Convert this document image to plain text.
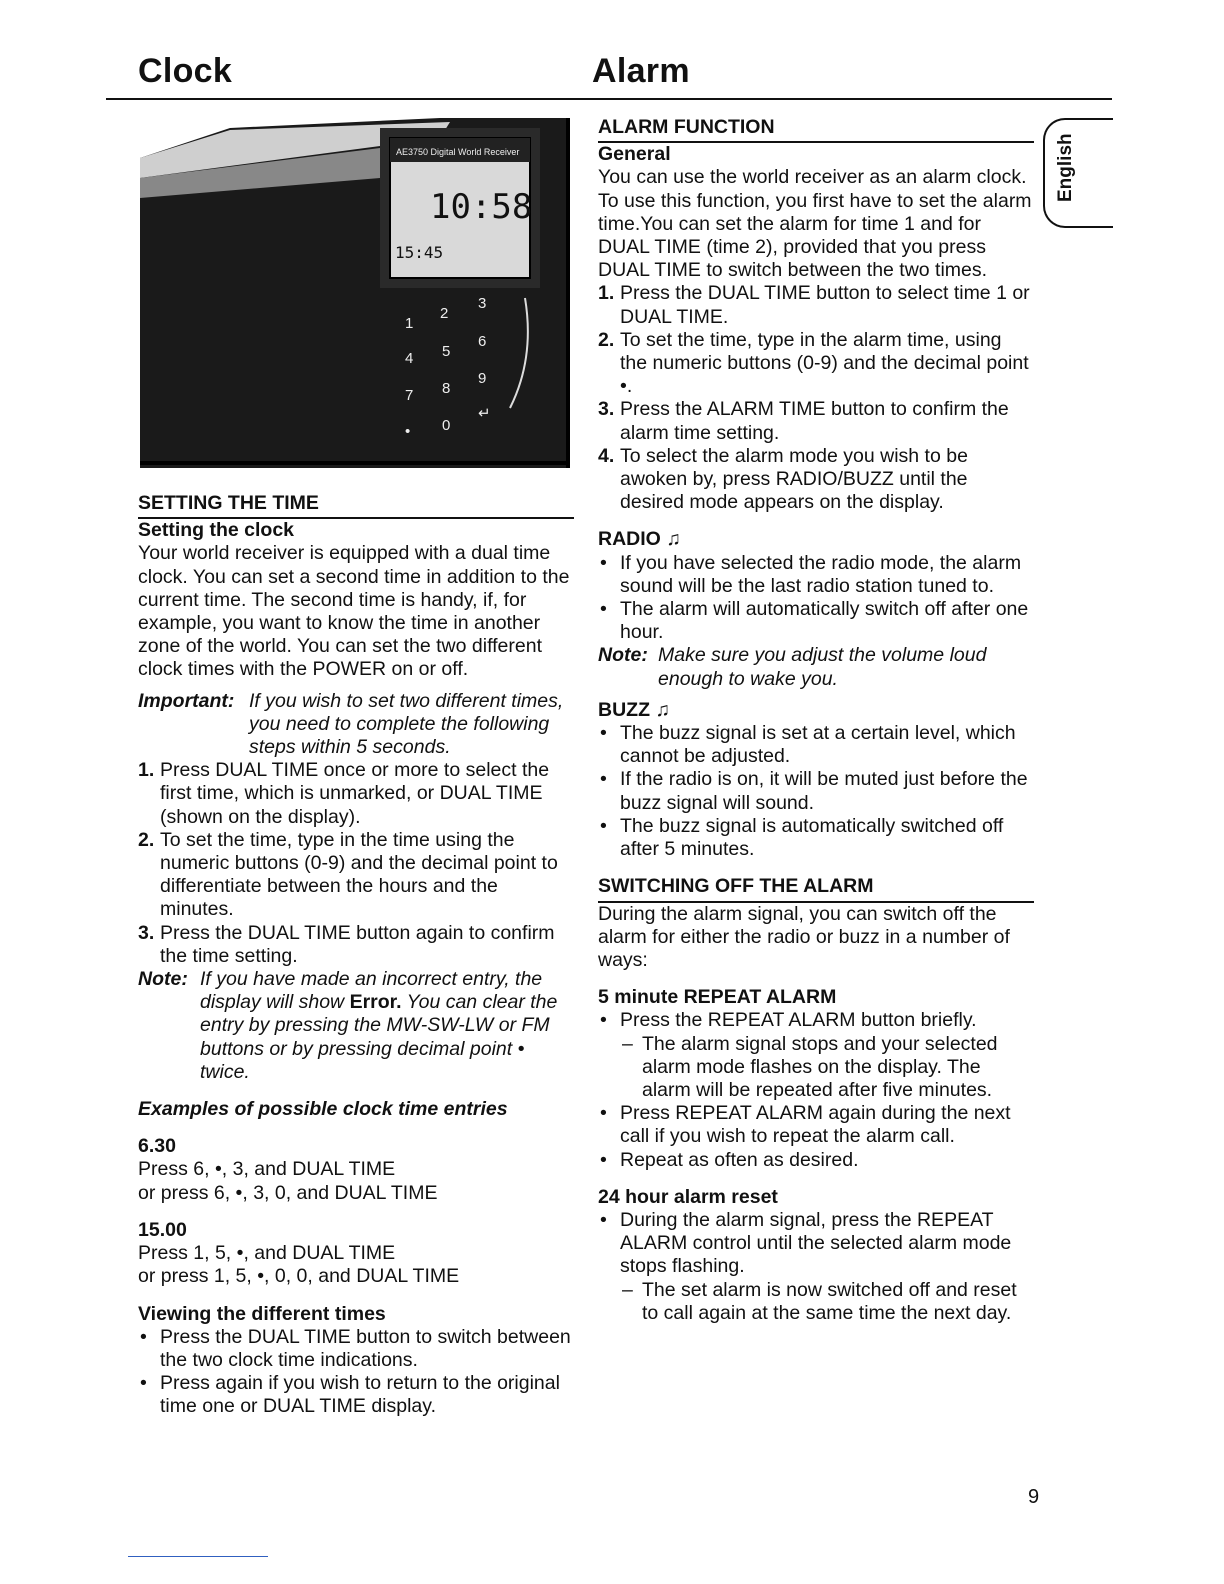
Clock	Alarm
English
AE3750 Digital World Receiver
10:58
15:45
1
2
3
4 5
6
7 8
9
• 0
↵

SETTING THE TIME

Setting the clock

Your world receiver is equipped with a dual time clock. You can set a second time in addition to the current time. The second time is handy, if, for example, you want to know the time in another zone of the world. You can set the two different clock times with the POWER on or off.

Important: If you wish to set two different times, you need to complete the following steps within 5 seconds.

1. Press DUAL TIME once or more to select the first time, which is unmarked, or DUAL TIME (shown on the display).
2. To set the time, type in the time using the numeric buttons (0-9) and the decimal point to differentiate between the hours and the minutes.
3. Press the DUAL TIME button again to confirm the time setting.

Note: If you have made an incorrect entry, the display will show Error. You can clear the entry by pressing the MW-SW-LW or FM buttons or by pressing decimal point • twice.

Examples of possible clock time entries

6.30

Press 6, •, 3, and DUAL TIME

or press 6, •, 3, 0, and DUAL TIME

15.00

Press 1, 5, •, and DUAL TIME

or press 1, 5, •, 0, 0, and DUAL TIME

Viewing the different times

• Press the DUAL TIME button to switch between the two clock time indications.
• Press again if you wish to return to the original time one or DUAL TIME display.

ALARM FUNCTION

General

You can use the world receiver as an alarm clock. To use this function, you first have to set the alarm time.You can set the alarm for time 1 and for DUAL TIME (time 2), provided that you press DUAL TIME to switch between the two times.

1. Press the DUAL TIME button to select time 1 or DUAL TIME.
2. To set the time, type in the alarm time, using the numeric buttons (0-9) and the decimal point •.
3. Press the ALARM TIME button to confirm the alarm time setting.
4. To select the alarm mode you wish to be awoken by, press RADIO/BUZZ until the desired mode appears on the display.

RADIO ♫

• If you have selected the radio mode, the alarm sound will be the last radio station tuned to.
• The alarm will automatically switch off after one hour.

Note: Make sure you adjust the volume loud enough to wake you.

BUZZ ♫

• The buzz signal is set at a certain level, which cannot be adjusted.
• If the radio is on, it will be muted just before the buzz signal will sound.
• The buzz signal is automatically switched off after 5 minutes.

SWITCHING OFF THE ALARM

During the alarm signal, you can switch off the alarm for either the radio or buzz in a number of ways:

5 minute REPEAT ALARM

• Press the REPEAT ALARM button briefly.

– The alarm signal stops and your selected alarm mode flashes on the display. The alarm will be repeated after five minutes.

• Press REPEAT ALARM again during the next call if you wish to repeat the alarm call.
• Repeat as often as desired.

24 hour alarm reset

• During the alarm signal, press the REPEAT ALARM control until the selected alarm mode stops flashing.

– The set alarm is now switched off and reset to call again at the same time the next day.

9
